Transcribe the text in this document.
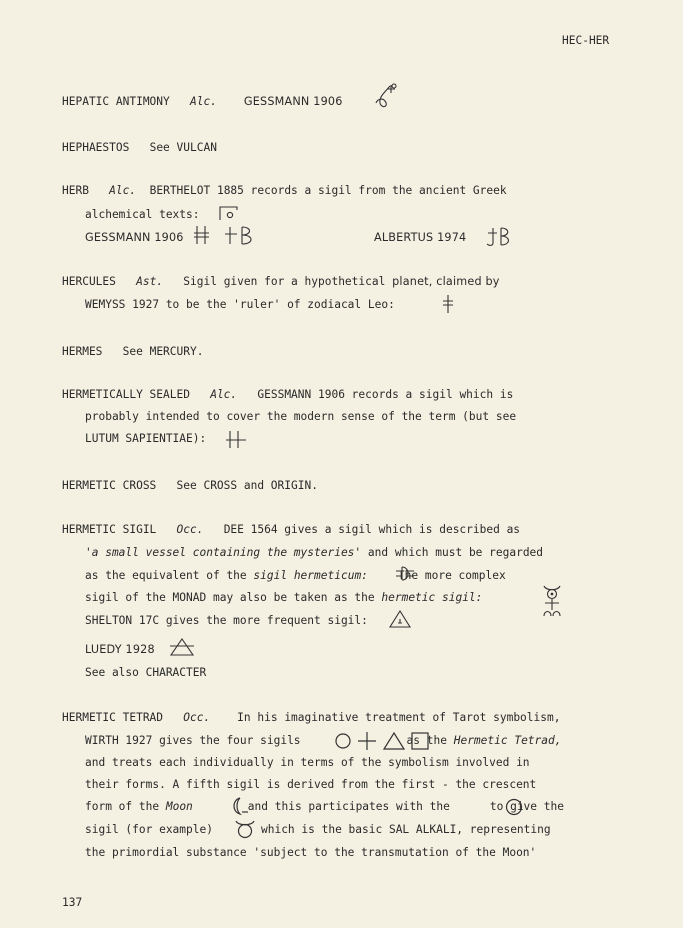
HEC-HER
HEPATIC ANTIMONY Alc. GESSMANN 1906
HEPHAESTOS See VULCAN
HERB Alc. BERTHELOT 1885 records a sigil from the ancient Greek
alchemical texts:
GESSMANN 1906	ALBERTUS 1974
HERCULES Ast. Sigil given for a hypothetical planet, claimed by
WEMYSS 1927 to be the 'ruler' of zodiacal Leo:
HERMES See MERCURY.
HERMETICALLY SEALED Alc. GESSMANN 1906 records a sigil which is
probably intended to cover the modern sense of the term (but see
LUTUM SAPIENTIAE):
HERMETIC CROSS See CROSS and ORIGIN.
HERMETIC SIGIL Occ. DEE 1564 gives a sigil which is described as
'a small vessel containing the mysteries' and which must be regarded
as the equivalent of the sigil hermeticum:	The more complex
sigil of the MONAD may also be taken as the hermetic sigil:
SHELTON 17C gives the more frequent sigil:
LUEDY 1928
See also CHARACTER
HERMETIC TETRAD Occ. In his imaginative treatment of Tarot symbolism,
WIRTH 1927 gives the four sigils	as the Hermetic Tetrad,
and treats each individually in terms of the symbolism involved in
their forms. A fifth sigil is derived from the first - the crescent
form of the Moon	and this participates with the	to give the
sigil (for example)	which is the basic SAL ALKALI, representing
the primordial substance 'subject to the transmutation of the Moon'
137
